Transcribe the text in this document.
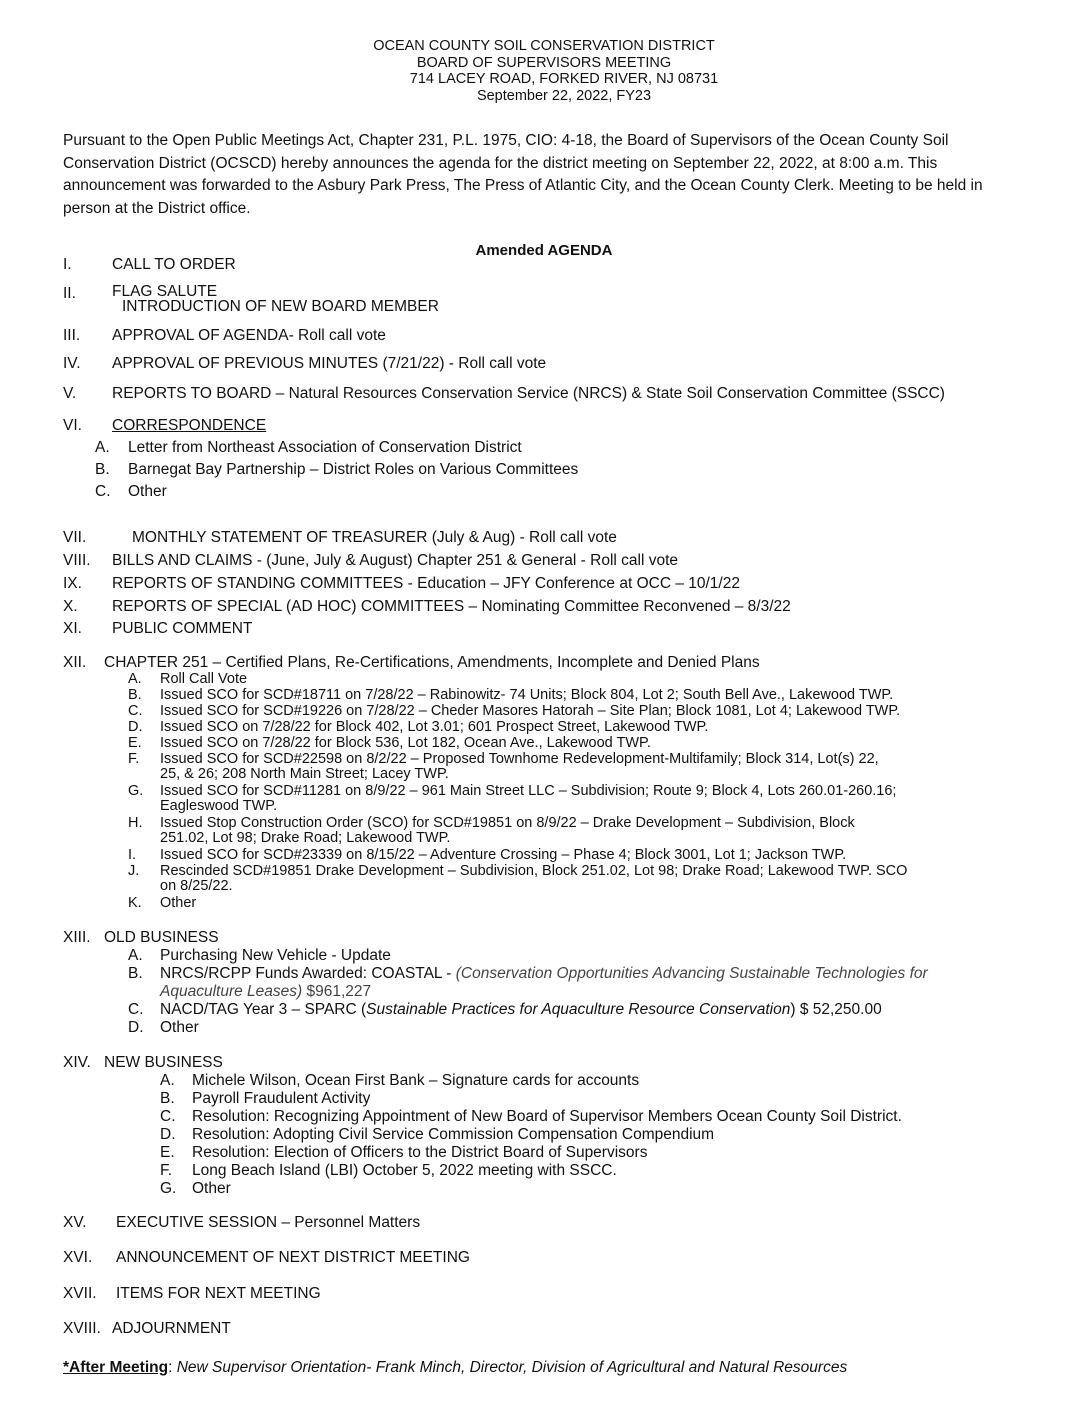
OCEAN COUNTY SOIL CONSERVATION DISTRICT
BOARD OF SUPERVISORS MEETING
714 LACEY ROAD, FORKED RIVER, NJ 08731
September 22, 2022, FY23
Pursuant to the Open Public Meetings Act, Chapter 231, P.L. 1975, CIO: 4-18, the Board of Supervisors of the Ocean County Soil Conservation District (OCSCD) hereby announces the agenda for the district meeting on September 22, 2022, at 8:00 a.m. This announcement was forwarded to the Asbury Park Press, The Press of Atlantic City, and the Ocean County Clerk. Meeting to be held in person at the District office.
Amended AGENDA
I.	CALL TO ORDER
II. FLAG SALUTE
INTRODUCTION OF NEW BOARD MEMBER
III. APPROVAL OF AGENDA- Roll call vote
IV. APPROVAL OF PREVIOUS MINUTES (7/21/22) - Roll call vote
V. REPORTS TO BOARD – Natural Resources Conservation Service (NRCS) & State Soil Conservation Committee (SSCC)
VI. CORRESPONDENCE
A. Letter from Northeast Association of Conservation District
B. Barnegat Bay Partnership – District Roles on Various Committees
C. Other
VII.	MONTHLY STATEMENT OF TREASURER (July & Aug) - Roll call vote
VIII. BILLS AND CLAIMS - (June, July & August) Chapter 251 & General - Roll call vote
IX. REPORTS OF STANDING COMMITTEES - Education – JFY Conference at OCC – 10/1/22
X. REPORTS OF SPECIAL (AD HOC) COMMITTEES – Nominating Committee Reconvened – 8/3/22
XI. PUBLIC COMMENT
XII. CHAPTER 251 – Certified Plans, Re-Certifications, Amendments, Incomplete and Denied Plans
A. Roll Call Vote
B. Issued SCO for SCD#18711 on 7/28/22 – Rabinowitz- 74 Units; Block 804, Lot 2; South Bell Ave., Lakewood TWP.
C. Issued SCO for SCD#19226 on 7/28/22 – Cheder Masores Hatorah – Site Plan; Block 1081, Lot 4; Lakewood TWP.
D. Issued SCO on 7/28/22 for Block 402, Lot 3.01; 601 Prospect Street, Lakewood TWP.
E. Issued SCO on 7/28/22 for Block 536, Lot 182, Ocean Ave., Lakewood TWP.
F. Issued SCO for SCD#22598 on 8/2/22 – Proposed Townhome Redevelopment-Multifamily; Block 314, Lot(s) 22,
25, & 26; 208 North Main Street; Lacey TWP.
G. Issued SCO for SCD#11281 on 8/9/22 – 961 Main Street LLC – Subdivision; Route 9; Block 4, Lots 260.01-260.16;
Eagleswood TWP.
H. Issued Stop Construction Order (SCO) for SCD#19851 on 8/9/22 – Drake Development – Subdivision, Block
251.02, Lot 98; Drake Road; Lakewood TWP.
I. Issued SCO for SCD#23339 on 8/15/22 – Adventure Crossing – Phase 4; Block 3001, Lot 1; Jackson TWP.
J. Rescinded SCD#19851 Drake Development – Subdivision, Block 251.02, Lot 98; Drake Road; Lakewood TWP. SCO
on 8/25/22.
K. Other
XIII. OLD BUSINESS
A. Purchasing New Vehicle - Update
B. NRCS/RCPP Funds Awarded: COASTAL - (Conservation Opportunities Advancing Sustainable Technologies for
Aquaculture Leases) $961,227
C. NACD/TAG Year 3 – SPARC (Sustainable Practices for Aquaculture Resource Conservation) $ 52,250.00
D. Other
XIV. NEW BUSINESS
A. Michele Wilson, Ocean First Bank – Signature cards for accounts
B. Payroll Fraudulent Activity
C. Resolution: Recognizing Appointment of New Board of Supervisor Members Ocean County Soil District.
D. Resolution: Adopting Civil Service Commission Compensation Compendium
E. Resolution: Election of Officers to the District Board of Supervisors
F. Long Beach Island (LBI) October 5, 2022 meeting with SSCC.
G. Other
XV. EXECUTIVE SESSION – Personnel Matters
XVI. ANNOUNCEMENT OF NEXT DISTRICT MEETING
XVII. ITEMS FOR NEXT MEETING
XVIII. ADJOURNMENT
*After Meeting: New Supervisor Orientation- Frank Minch, Director, Division of Agricultural and Natural Resources
